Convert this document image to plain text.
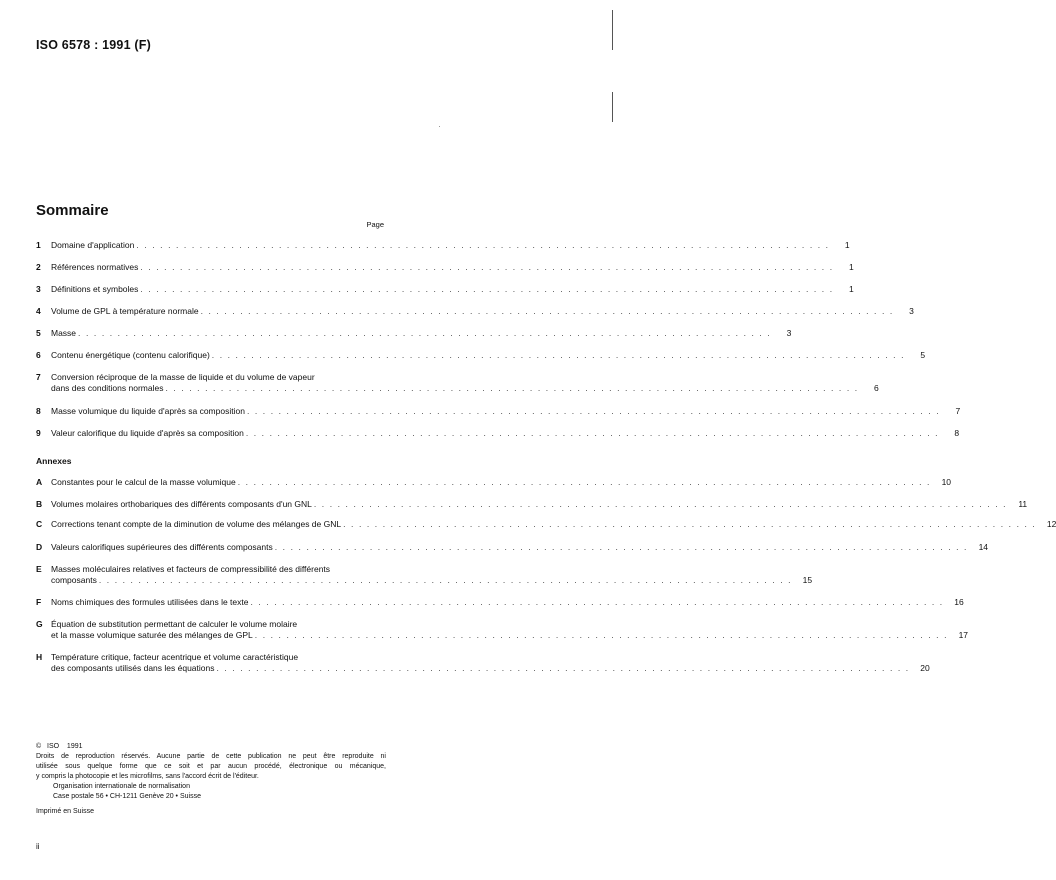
ISO 6578 : 1991 (F)
Sommaire
Page
1	Domaine d'application . . . . . . . . . . . . . . . . . . . . . . . . . . . . . . . . . . . . . . . . . . . . . . . . . . . . . . . . . . . . . . . . . . . . . . . . . . . . . . . . . . . . . . . .	1
2	Références normatives . . . . . . . . . . . . . . . . . . . . . . . . . . . . . . . . . . . . . . . . . . . . . . . . . . . . . . . . . . . . . . . . . . . . . . . . . . . . . . . . . . . . . . . .	1
3	Définitions et symboles . . . . . . . . . . . . . . . . . . . . . . . . . . . . . . . . . . . . . . . . . . . . . . . . . . . . . . . . . . . . . . . . . . . . . . . . . . . . . . . . . . . . . . . .	1
4	Volume de GPL à température normale . . . . . . . . . . . . . . . . . . . . . . . . . . . . . . . . . . . . . . . . . . . . . . . . . . . . . . . . . . . . . . . . . . . . . . . . . . . . . . . . . . . . . . . .	3
5	Masse . . . . . . . . . . . . . . . . . . . . . . . . . . . . . . . . . . . . . . . . . . . . . . . . . . . . . . . . . . . . . . . . . . . . . . . . . . . . . . . . . . . . . . . .	3
6	Contenu énergétique (contenu calorifique) . . . . . . . . . . . . . . . . . . . . . . . . . . . . . . . . . . . . . . . . . . . . . . . . . . . . . . . . . . . . . . . . . . . . . . . . . . . . . . . . . . . . . . . .	5
7	Conversion réciproque de la masse de liquide et du volume de vapeur
dans des conditions normales . . . . . . . . . . . . . . . . . . . . . . . . . . . . . . . . . . . . . . . . . . . . . . . . . . . . . . . . . . . . . . . . . . . . . . . . . . . . . . . . . . . . . . . .	6
8	Masse volumique du liquide d'après sa composition . . . . . . . . . . . . . . . . . . . . . . . . . . . . . . . . . . . . . . . . . . . . . . . . . . . . . . . . . . . . . . . . . . . . . . . . . . . . . . . . . . . . . . . .	7
9	Valeur calorifique du liquide d'après sa composition . . . . . . . . . . . . . . . . . . . . . . . . . . . . . . . . . . . . . . . . . . . . . . . . . . . . . . . . . . . . . . . . . . . . . . . . . . . . . . . . . . . . . . . .	8
Annexes
A	Constantes pour le calcul de la masse volumique . . . . . . . . . . . . . . . . . . . . . . . . . . . . . . . . . . . . . . . . . . . . . . . . . . . . . . . . . . . . . . . . . . . . . . . . . . . . . . . . . . . . . . . .	10
B	Volumes molaires orthobariques des différents composants d'un GNL . . . . . . . . . . . . . . . . . . . . . . . . . . . . . . . . . . . . . . . . . . . . . . . . . . . . . . . . . . . . . . . . . . . . . . . . . . . . . . . . . . . . . . . .	11
C	Corrections tenant compte de la diminution de volume des mélanges de GNL . . . . . . . . . . . . . . . . . . . . . . . . . . . . . . . . . . . . . . . . . . . . . . . . . . . . . . . . . . . . . . . . . . . . . . . . . . . . . . . . . . . . . . . .	12
D	Valeurs calorifiques supérieures des différents composants . . . . . . . . . . . . . . . . . . . . . . . . . . . . . . . . . . . . . . . . . . . . . . . . . . . . . . . . . . . . . . . . . . . . . . . . . . . . . . . . . . . . . . . .	14
E	Masses moléculaires relatives et facteurs de compressibilité des différents
composants . . . . . . . . . . . . . . . . . . . . . . . . . . . . . . . . . . . . . . . . . . . . . . . . . . . . . . . . . . . . . . . . . . . . . . . . . . . . . . . . . . . . . . . .	15
F	Noms chimiques des formules utilisées dans le texte . . . . . . . . . . . . . . . . . . . . . . . . . . . . . . . . . . . . . . . . . . . . . . . . . . . . . . . . . . . . . . . . . . . . . . . . . . . . . . . . . . . . . . . .	16
G Équation de substitution permettant de calculer le volume molaire
et la masse volumique saturée des mélanges de GPL . . . . . . . . . . . . . . . . . . . . . . . . . . . . . . . . . . . . . . . . . . . . . . . . . . . . . . . . . . . . . . . . . . . . . . . . . . . . . . . . . . . . . . . .	17
H	Température critique, facteur acentrique et volume caractéristique
des composants utilisés dans les équations . . . . . . . . . . . . . . . . . . . . . . . . . . . . . . . . . . . . . . . . . . . . . . . . . . . . . . . . . . . . . . . . . . . . . . . . . . . . . . . . . . . . . . . .	20
© ISO 1991
Droits de reproduction réservés. Aucune partie de cette publication ne peut être reproduite ni
utilisée sous quelque forme que ce soit et par aucun procédé, électronique ou mécanique,
y compris la photocopie et les microfilms, sans l'accord écrit de l'éditeur.
Organisation internationale de normalisation
Case postale 56 • CH-1211 Genève 20 • Suisse
Imprimé en Suisse
ii
